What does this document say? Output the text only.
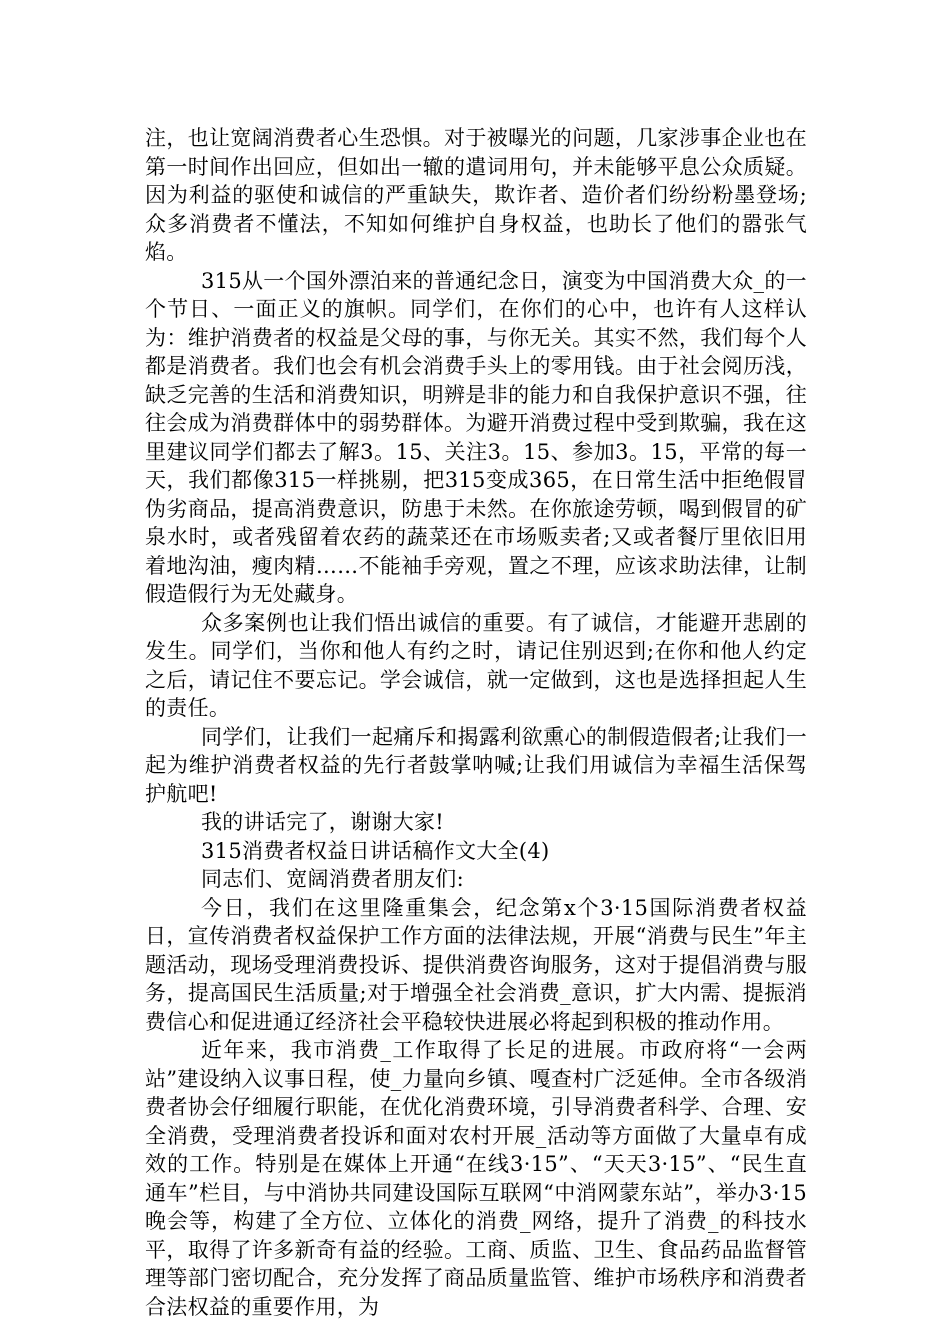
注，也让宽阔消费者心生恐惧。对于被曝光的问题，几家涉事企业也在第一时间作出回应，但如出一辙的遣词用句，并未能够平息公众质疑。因为利益的驱使和诚信的严重缺失，欺诈者、造价者们纷纷粉墨登场;众多消费者不懂法，不知如何维护自身权益，也助长了他们的嚣张气焰。

315从一个国外漂泊来的普通纪念日，演变为中国消费大众_的一个节日、一面正义的旗帜。同学们，在你们的心中，也许有人这样认为：维护消费者的权益是父母的事，与你无关。其实不然，我们每个人都是消费者。我们也会有机会消费手头上的零用钱。由于社会阅历浅，缺乏完善的生活和消费知识，明辨是非的能力和自我保护意识不强，往往会成为消费群体中的弱势群体。为避开消费过程中受到欺骗，我在这里建议同学们都去了解3。15、关注3。15、参加3。15，平常的每一天，我们都像315一样挑剔，把315变成365，在日常生活中拒绝假冒伪劣商品，提高消费意识，防患于未然。在你旅途劳顿，喝到假冒的矿泉水时，或者残留着农药的蔬菜还在市场贩卖者;又或者餐厅里依旧用着地沟油，瘦肉精……不能袖手旁观，置之不理，应该求助法律，让制假造假行为无处藏身。

众多案例也让我们悟出诚信的重要。有了诚信，才能避开悲剧的发生。同学们，当你和他人有约之时，请记住别迟到;在你和他人约定之后，请记住不要忘记。学会诚信，就一定做到，这也是选择担起人生的责任。

同学们，让我们一起痛斥和揭露利欲熏心的制假造假者;让我们一起为维护消费者权益的先行者鼓掌呐喊;让我们用诚信为幸福生活保驾护航吧!

我的讲话完了，谢谢大家!
315消费者权益日讲话稿作文大全(4)
同志们、宽阔消费者朋友们:

今日，我们在这里隆重集会，纪念第x个3·15国际消费者权益日，宣传消费者权益保护工作方面的法律法规，开展“消费与民生”年主题活动，现场受理消费投诉、提供消费咨询服务，这对于提倡消费与服务，提高国民生活质量;对于增强全社会消费_意识，扩大内需、提振消费信心和促进通辽经济社会平稳较快进展必将起到积极的推动作用。

近年来，我市消费_工作取得了长足的进展。市政府将“一会两站”建设纳入议事日程，使_力量向乡镇、嘎查村广泛延伸。全市各级消费者协会仔细履行职能，在优化消费环境，引导消费者科学、合理、安全消费，受理消费者投诉和面对农村开展_活动等方面做了大量卓有成效的工作。特别是在媒体上开通“在线3·15”、“天天3·15”、“民生直通车”栏目，与中消协共同建设国际互联网“中消网蒙东站”，举办3·15晚会等，构建了全方位、立体化的消费_网络，提升了消费_的科技水平，取得了许多新奇有益的经验。工商、质监、卫生、食品药品监督管理等部门密切配合，充分发挥了商品质量监管、维护市场秩序和消费者合法权益的重要作用，为
